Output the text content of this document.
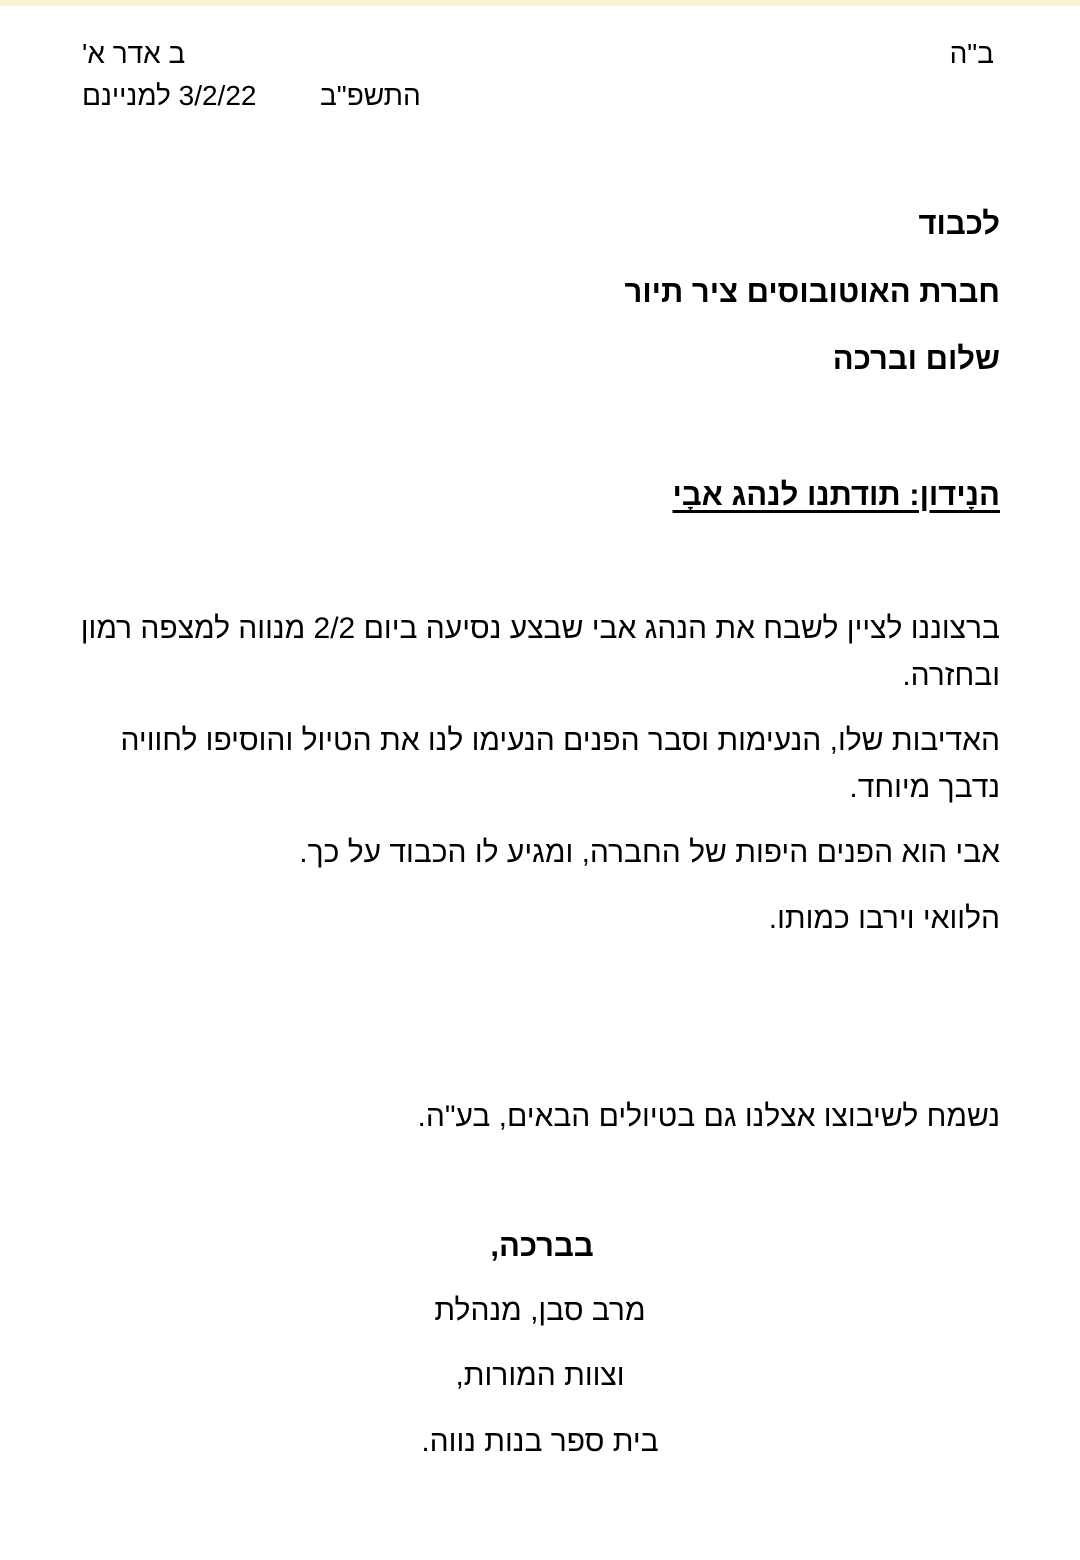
ב"ה
ב אדר א'
התשפ"ב
3/2/22 למניינם
לכבוד
חברת האוטובוסים ציר תיור
שלום וברכה
הנָידון: תודתנו לנהג אבָי
ברצוננו לציין לשבח את הנהג אבי שבצע נסיעה ביום 2/2 מנווה למצפה רמון ובחזרה.
האדיבות שלו, הנעימות וסבר הפנים הנעימו לנו את הטיול והוסיפו לחוויה נדבך מיוחד.
אבי הוא הפנים היפות של החברה, ומגיע לו הכבוד על כך.
הלוואי וירבו כמותו.
נשמח לשיבוצו אצלנו גם בטיולים הבאים, בע"ה.
בברכה,
מרב סבן, מנהלת
וצוות המורות,
בית ספר בנות נווה.
